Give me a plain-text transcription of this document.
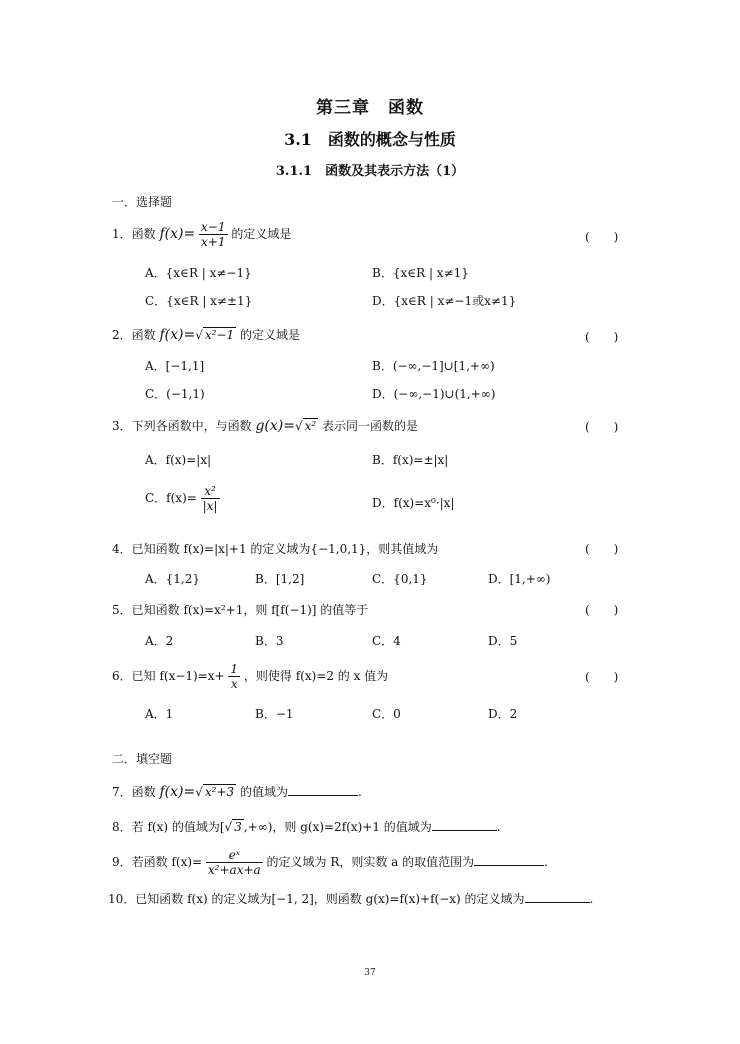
第三章　函数
3.1　函数的概念与性质
3.1.1　函数及其表示方法（1）
一．选择题
1．函数 $f(x)= \frac{x-1}{x+1}$ 的定义域是	(　　)
A．{x∈R | x≠−1}	B．{x∈R | x≠1}
C．{x∈R | x≠±1}	D．{x∈R | x≠−1或x≠1}
2．函数 f(x)=√ x²−1 的定义域是	(　　)
A．[−1,1]	B．(−∞,−1]∪[1,+∞)
C．(−1,1)	D．(−∞,−1)∪(1,+∞)
3．下列各函数中，与函数 g(x)=√ x² 表示同一函数的是	(　　)
A．f(x)=|x|	B．f(x)=±|x|
C．$f(x)= \frac{\text{x²}}{|x|}$	D．f(x)=x⁰·|x|
4．已知函数 f(x)=|x|+1 的定义域为{−1,0,1}，则其值域为	(　　)
A．{1,2}	B．[1,2]	C．{0,1}	D．[1,+∞)
5．已知函数 f(x)=x²+1，则 f[f(−1)] 的值等于	(　　)
A．2	B．3	C．4	D．5
6．已知 $f(x-1)=x+ \frac{1}{x}$ ，则使得 f(x)=2 的 x 值为	(　　)
A．1	B．−1	C．0	D．2
二．填空题
7．函数 f(x)=√ x²+3 的值域为	.
8．若 f(x) 的值域为[√ 3 ,+∞)，则 g(x)=2f(x)+1 的值域为	.
9．若函数 $f(x)= \frac{\text{eˣ}}{\text{x²+ax+a}}$ 的定义域为 R，则实数 a 的取值范围为	.
10．已知函数 f(x) 的定义域为[−1, 2]，则函数 g(x)=f(x)+f(−x) 的定义域为	.
37
